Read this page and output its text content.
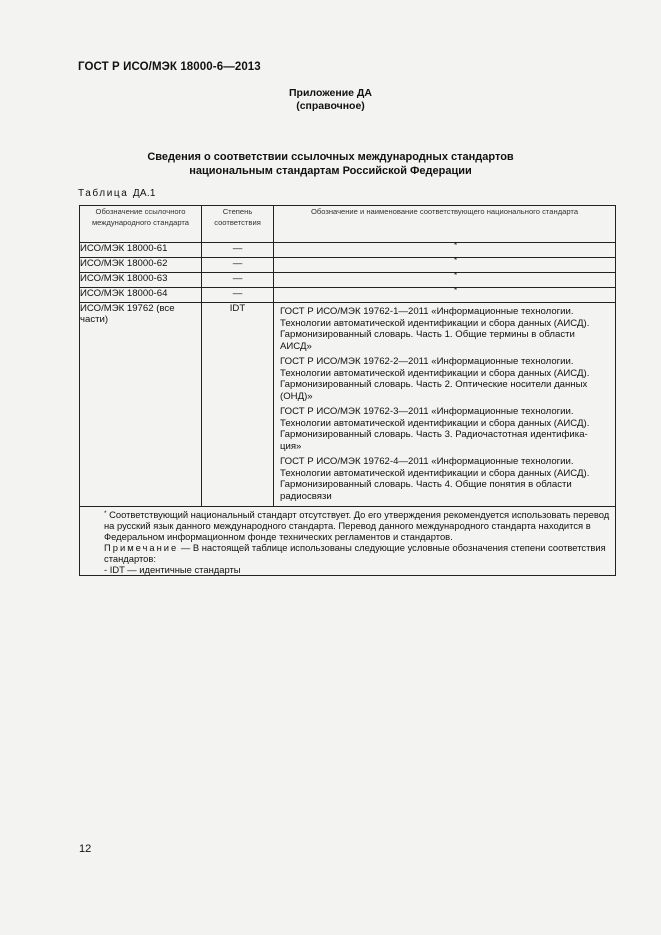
ГОСТ Р ИСО/МЭК 18000-6—2013
Приложение ДА
(справочное)
Сведения о соответствии ссылочных международных стандартов
национальным стандартам Российской Федерации
Таблица ДА.1
Обозначение ссылочного международного стандарта	Степень соответствия	Обозначение и наименование соответствующего национального стандарта
ИСО/МЭК 18000-61	—	*

ИСО/МЭК 18000-62	—	*

ИСО/МЭК 18000-63	—	*

ИСО/МЭК 18000-64	—	*

ИСО/МЭК 19762 (все части)	IDT	ГОСТ Р ИСО/МЭК 19762-1—2011 «Информационные технологии. Технологии автоматической идентификации и сбора данных (АИСД). Гармонизированный словарь. Часть 1. Общие термины в области АИСД»
ГОСТ Р ИСО/МЭК 19762-2—2011 «Информационные технологии. Технологии автоматической идентификации и сбора данных (АИСД). Гармонизированный словарь. Часть 2. Оптические носители данных (ОНД)»
ГОСТ Р ИСО/МЭК 19762-3—2011 «Информационные технологии. Технологии автоматической идентификации и сбора данных (АИСД). Гармонизированный словарь. Часть 3. Радиочастотная идентифика-ция»
ГОСТ Р ИСО/МЭК 19762-4—2011 «Информационные технологии. Технологии автоматической идентификации и сбора данных (АИСД). Гармонизированный словарь. Часть 4. Общие понятия в области радиосвязи

* Соответствующий национальный стандарт отсутствует. До его утверждения рекомендуется использовать перевод на русский язык данного международного стандарта. Перевод данного международного стандарта находится в Федеральном информационном фонде технических регламентов и стандартов.

Примечание — В настоящей таблице использованы следующие условные обозначения степени соответствия стандартов:

- IDT — идентичные стандарты		

12
